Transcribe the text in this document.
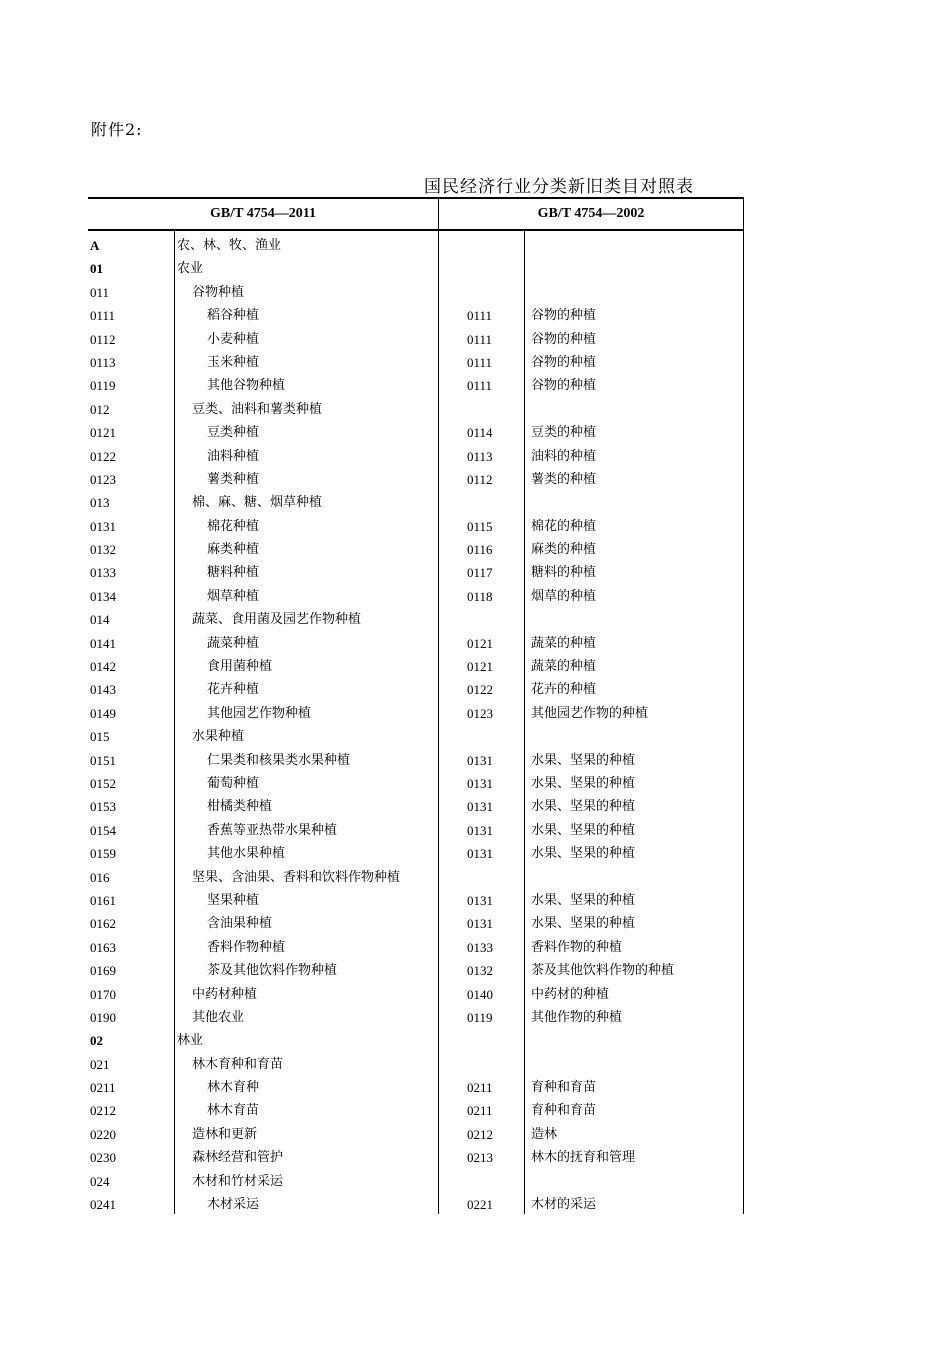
附件2:
国民经济行业分类新旧类目对照表
GB/T 4754—2011	GB/T 4754—2002
A	农、林、牧、渔业
01	农业
011	谷物种植
0111	稻谷种植	0111	谷物的种植
0112	小麦种植	0111	谷物的种植
0113	玉米种植	0111	谷物的种植
0119	其他谷物种植	0111	谷物的种植
012	豆类、油料和薯类种植
0121	豆类种植	0114	豆类的种植
0122	油料种植	0113	油料的种植
0123	薯类种植	0112	薯类的种植
013	棉、麻、糖、烟草种植
0131	棉花种植	0115	棉花的种植
0132	麻类种植	0116	麻类的种植
0133	糖料种植	0117	糖料的种植
0134	烟草种植	0118	烟草的种植
014	蔬菜、食用菌及园艺作物种植
0141	蔬菜种植	0121	蔬菜的种植
0142	食用菌种植	0121	蔬菜的种植
0143	花卉种植	0122	花卉的种植
0149	其他园艺作物种植	0123	其他园艺作物的种植
015	水果种植
0151	仁果类和核果类水果种植	0131	水果、坚果的种植
0152	葡萄种植	0131	水果、坚果的种植
0153	柑橘类种植	0131	水果、坚果的种植
0154	香蕉等亚热带水果种植	0131	水果、坚果的种植
0159	其他水果种植	0131	水果、坚果的种植
016	坚果、含油果、香料和饮料作物种植
0161	坚果种植	0131	水果、坚果的种植
0162	含油果种植	0131	水果、坚果的种植
0163	香料作物种植	0133	香料作物的种植
0169	茶及其他饮料作物种植	0132	茶及其他饮料作物的种植
0170	中药材种植	0140	中药材的种植
0190	其他农业	0119	其他作物的种植
02	林业
021	林木育种和育苗
0211	林木育种	0211	育种和育苗
0212	林木育苗	0211	育种和育苗
0220	造林和更新	0212	造林
0230	森林经营和管护	0213	林木的抚育和管理
024	木材和竹材采运
0241	木材采运	0221	木材的采运
